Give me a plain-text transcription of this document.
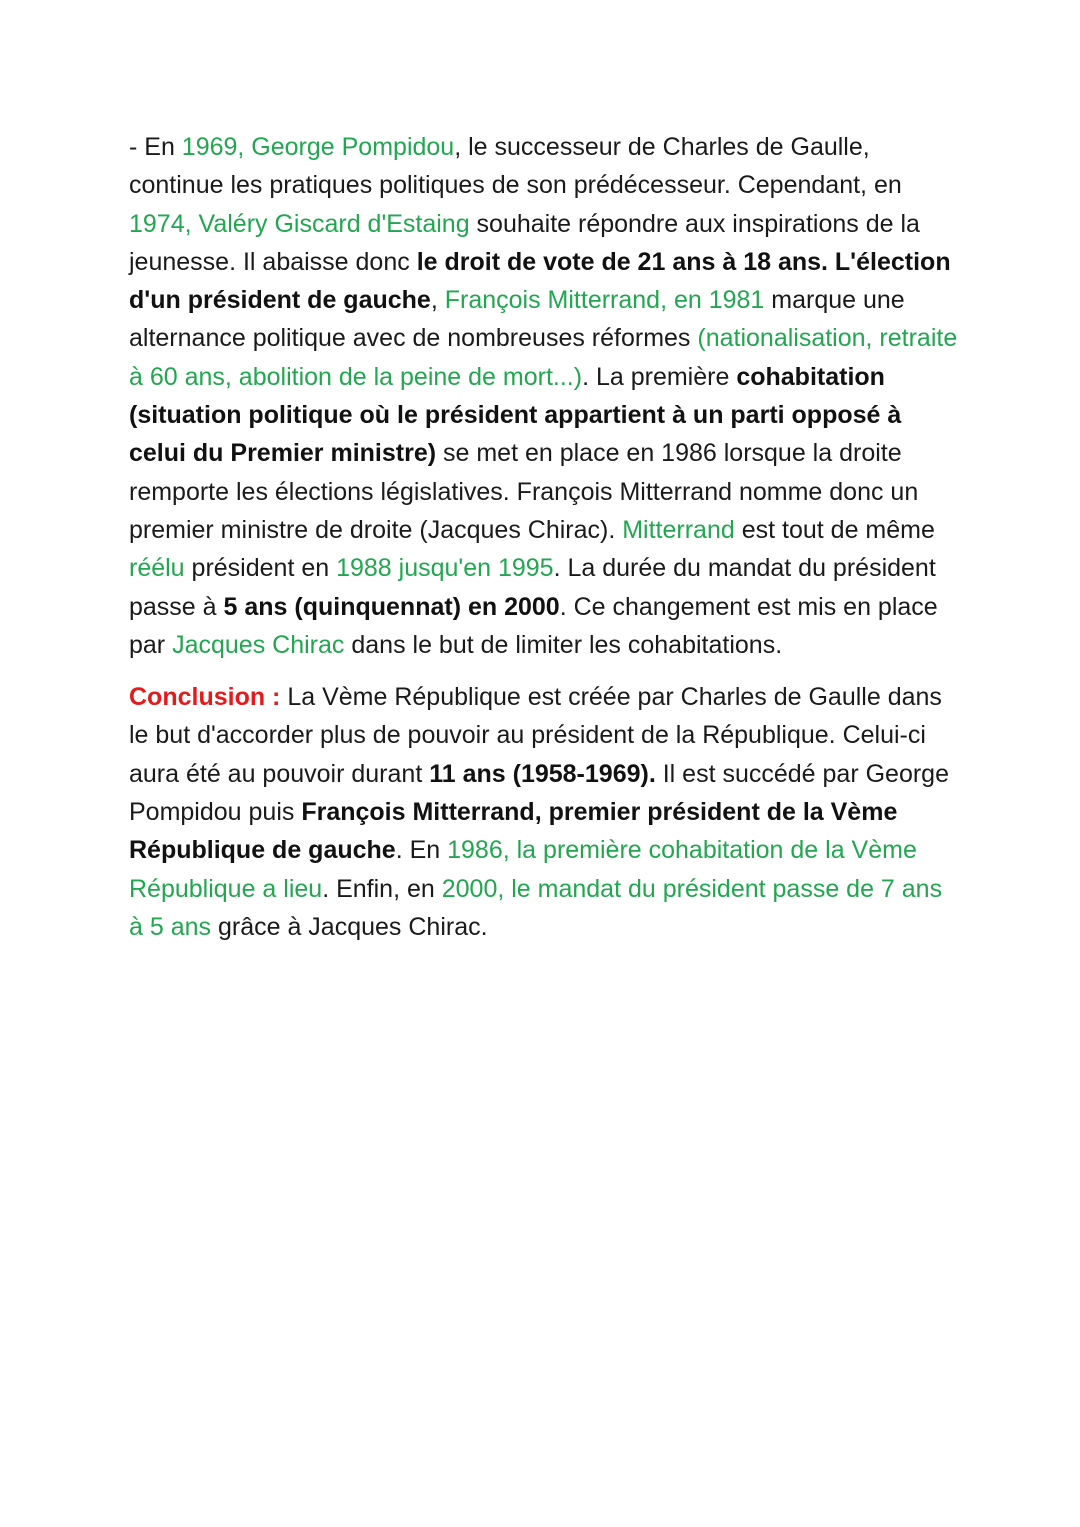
- En 1969, George Pompidou, le successeur de Charles de Gaulle, continue les pratiques politiques de son prédécesseur. Cependant, en 1974, Valéry Giscard d'Estaing souhaite répondre aux inspirations de la jeunesse. Il abaisse donc le droit de vote de 21 ans à 18 ans. L'élection d'un président de gauche, François Mitterrand, en 1981 marque une alternance politique avec de nombreuses réformes (nationalisation, retraite à 60 ans, abolition de la peine de mort...). La première cohabitation (situation politique où le président appartient à un parti opposé à celui du Premier ministre) se met en place en 1986 lorsque la droite remporte les élections législatives. François Mitterrand nomme donc un premier ministre de droite (Jacques Chirac). Mitterrand est tout de même réélu président en 1988 jusqu'en 1995. La durée du mandat du président passe à 5 ans (quinquennat) en 2000. Ce changement est mis en place par Jacques Chirac dans le but de limiter les cohabitations.

Conclusion : La Vème République est créée par Charles de Gaulle dans le but d'accorder plus de pouvoir au président de la République. Celui-ci aura été au pouvoir durant 11 ans (1958-1969). Il est succédé par George Pompidou puis François Mitterrand, premier président de la Vème République de gauche. En 1986, la première cohabitation de la Vème République a lieu. Enfin, en 2000, le mandat du président passe de 7 ans à 5 ans grâce à Jacques Chirac.
